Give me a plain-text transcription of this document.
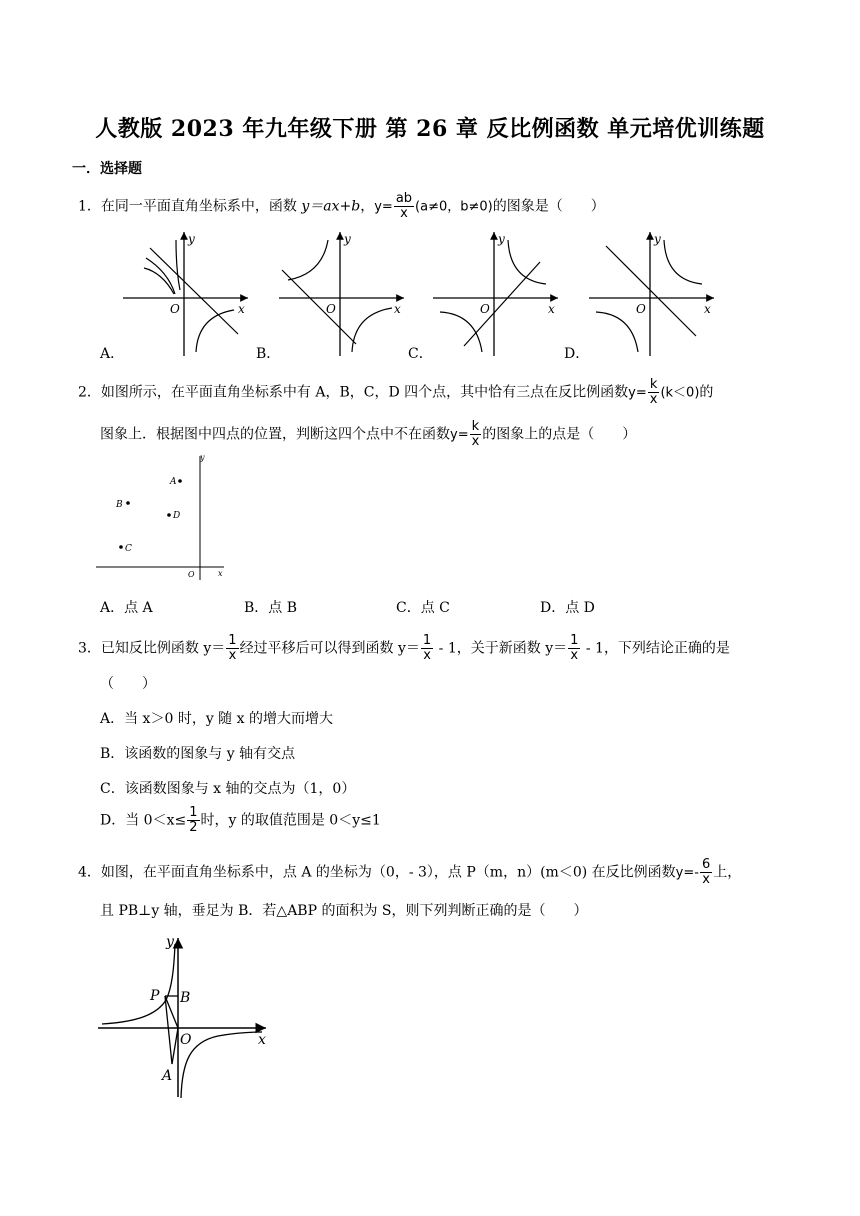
人教版 2023 年九年级下册 第 26 章 反比例函数 单元培优训练题
一．选择题
1．在同一平面直角坐标系中，函数 y＝ax+b，$y= \frac{ab}{x} (a\ne 0$，b≠0)的图象是（　　）
y
x
O
A．
y
x
O
B．
y
x
O
C．
y
x
O
D．
2．如图所示，在平面直角坐标系中有 A，B，C，D 四个点，其中恰有三点在反比例函数$y= \frac{k}{x} (k<0)$的
图象上．根据图中四点的位置，判断这四个点中不在函数$y= \frac{k}{x}$ 的图象上的点是（　　）
y
x
O
A
B
C
D
A．点 A	B．点 B	C．点 C	D．点 D
3．已知反比例函数 $y= \frac{1}{x}$ 经过平移后可以得到函数 $y= \frac{1}{x} - 1$，关于新函数 $y= \frac{1}{x} - 1$，下列结论正确的是
（　　）
A．当 x＞0 时，y 随 x 的增大而增大
B．该函数的图象与 y 轴有交点
C．该函数图象与 x 轴的交点为（1，0）
D．当 $0<x\le \frac{1}{2}$ 时，y 的取值范围是 0＜y≤1
4．如图，在平面直角坐标系中，点 A 的坐标为（0，- 3），点 P（m，n）(m＜0) 在反比例函数$y=- \frac{6}{x}$ 上，
且 PB⊥y 轴，垂足为 B．若△ABP 的面积为 S，则下列判断正确的是（　　）
y
x
O
P B
A
